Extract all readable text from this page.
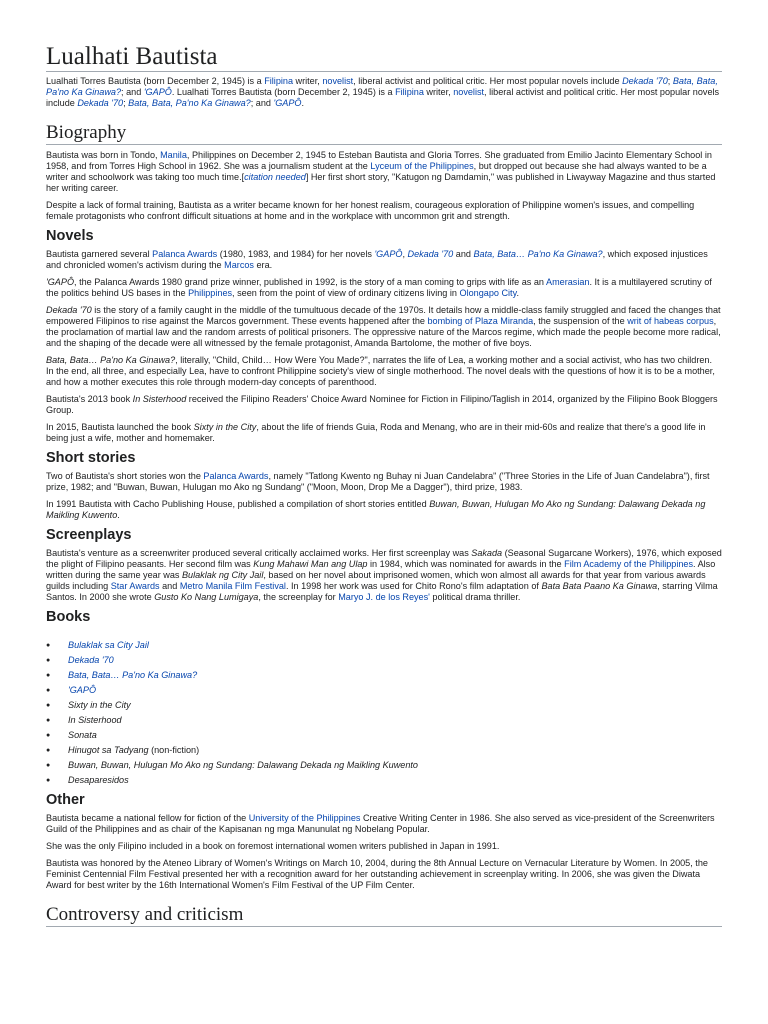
Lualhati Bautista

Lualhati Torres Bautista (born December 2, 1945) is a Filipina writer, novelist, liberal activist and political critic. Her most popular novels include Dekada '70; Bata, Bata, Pa'no Ka Ginawa?; and 'GAPÔ. Lualhati Torres Bautista (born December 2, 1945) is a Filipina writer, novelist, liberal activist and political critic. Her most popular novels include Dekada '70; Bata, Bata, Pa'no Ka Ginawa?; and 'GAPÔ.

Biography

Bautista was born in Tondo, Manila, Philippines on December 2, 1945 to Esteban Bautista and Gloria Torres. She graduated from Emilio Jacinto Elementary School in 1958, and from Torres High School in 1962. She was a journalism student at the Lyceum of the Philippines, but dropped out because she had always wanted to be a writer and schoolwork was taking too much time.[citation needed] Her first short story, "Katugon ng Damdamin," was published in Liwayway Magazine and thus started her writing career.

Despite a lack of formal training, Bautista as a writer became known for her honest realism, courageous exploration of Philippine women's issues, and compelling female protagonists who confront difficult situations at home and in the workplace with uncommon grit and strength.

Novels

Bautista garnered several Palanca Awards (1980, 1983, and 1984) for her novels 'GAPÔ, Dekada '70 and Bata, Bata… Pa'no Ka Ginawa?, which exposed injustices and chronicled women's activism during the Marcos era.

'GAPÔ, the Palanca Awards 1980 grand prize winner, published in 1992, is the story of a man coming to grips with life as an Amerasian. It is a multilayered scrutiny of the politics behind US bases in the Philippines, seen from the point of view of ordinary citizens living in Olongapo City.

Dekada '70 is the story of a family caught in the middle of the tumultuous decade of the 1970s. It details how a middle-class family struggled and faced the changes that empowered Filipinos to rise against the Marcos government. These events happened after the bombing of Plaza Miranda, the suspension of the writ of habeas corpus, the proclamation of martial law and the random arrests of political prisoners. The oppressive nature of the Marcos regime, which made the people become more radical, and the shaping of the decade were all witnessed by the female protagonist, Amanda Bartolome, the mother of five boys.

Bata, Bata… Pa'no Ka Ginawa?, literally, "Child, Child… How Were You Made?", narrates the life of Lea, a working mother and a social activist, who has two children. In the end, all three, and especially Lea, have to confront Philippine society's view of single motherhood. The novel deals with the questions of how it is to be a mother, and how a mother executes this role through modern-day concepts of parenthood.

Bautista's 2013 book In Sisterhood received the Filipino Readers' Choice Award Nominee for Fiction in Filipino/Taglish in 2014, organized by the Filipino Book Bloggers Group.

In 2015, Bautista launched the book Sixty in the City, about the life of friends Guia, Roda and Menang, who are in their mid-60s and realize that there's a good life in being just a wife, mother and homemaker.

Short stories

Two of Bautista's short stories won the Palanca Awards, namely "Tatlong Kwento ng Buhay ni Juan Candelabra" ("Three Stories in the Life of Juan Candelabra"), first prize, 1982; and "Buwan, Buwan, Hulugan mo Ako ng Sundang" ("Moon, Moon, Drop Me a Dagger"), third prize, 1983.

In 1991 Bautista with Cacho Publishing House, published a compilation of short stories entitled Buwan, Buwan, Hulugan Mo Ako ng Sundang: Dalawang Dekada ng Maikling Kuwento.

Screenplays

Bautista's venture as a screenwriter produced several critically acclaimed works. Her first screenplay was Sakada (Seasonal Sugarcane Workers), 1976, which exposed the plight of Filipino peasants. Her second film was Kung Mahawi Man ang Ulap in 1984, which was nominated for awards in the Film Academy of the Philippines. Also written during the same year was Bulaklak ng City Jail, based on her novel about imprisoned women, which won almost all awards for that year from various awards guilds including Star Awards and Metro Manila Film Festival. In 1998 her work was used for Chito Rono's film adaptation of Bata Bata Paano Ka Ginawa, starring Vilma Santos. In 2000 she wrote Gusto Ko Nang Lumigaya, the screenplay for Maryo J. de los Reyes' political drama thriller.

Books
● Bulaklak sa City Jail
● Dekada '70
● Bata, Bata… Pa'no Ka Ginawa?
● 'GAPÔ
● Sixty in the City
● In Sisterhood
● Sonata
● Hinugot sa Tadyang (non-fiction)
● Buwan, Buwan, Hulugan Mo Ako ng Sundang: Dalawang Dekada ng Maikling Kuwento
● Desaparesidos
Other

Bautista became a national fellow for fiction of the University of the Philippines Creative Writing Center in 1986. She also served as vice-president of the Screenwriters Guild of the Philippines and as chair of the Kapisanan ng mga Manunulat ng Nobelang Popular.

She was the only Filipino included in a book on foremost international women writers published in Japan in 1991.

Bautista was honored by the Ateneo Library of Women's Writings on March 10, 2004, during the 8th Annual Lecture on Vernacular Literature by Women. In 2005, the Feminist Centennial Film Festival presented her with a recognition award for her outstanding achievement in screenplay writing. In 2006, she was given the Diwata Award for best writer by the 16th International Women's Film Festival of the UP Film Center.

Controversy and criticism
